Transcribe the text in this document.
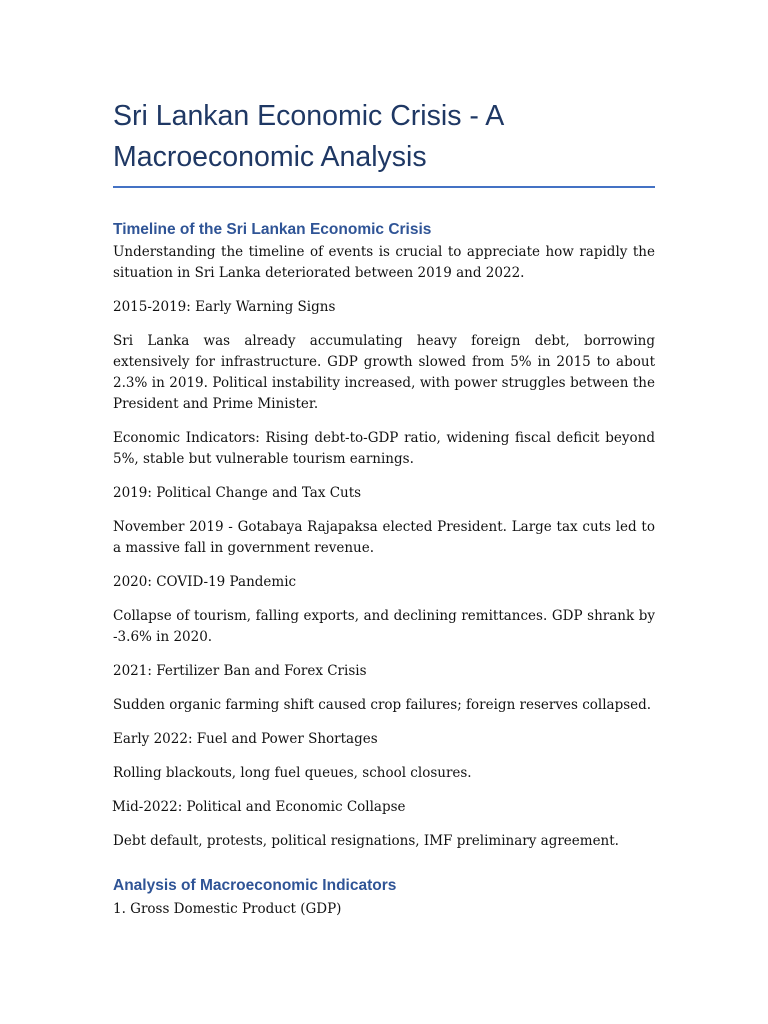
Sri Lankan Economic Crisis - A Macroeconomic Analysis
Timeline of the Sri Lankan Economic Crisis

Understanding the timeline of events is crucial to appreciate how rapidly the situation in Sri Lanka deteriorated between 2019 and 2022.

2015-2019: Early Warning Signs

Sri Lanka was already accumulating heavy foreign debt, borrowing extensively for infrastructure. GDP growth slowed from 5% in 2015 to about 2.3% in 2019. Political instability increased, with power struggles between the President and Prime Minister.

Economic Indicators: Rising debt-to-GDP ratio, widening fiscal deficit beyond 5%, stable but vulnerable tourism earnings.

2019: Political Change and Tax Cuts

November 2019 - Gotabaya Rajapaksa elected President. Large tax cuts led to a massive fall in government revenue.

2020: COVID-19 Pandemic

Collapse of tourism, falling exports, and declining remittances. GDP shrank by -3.6% in 2020.

2021: Fertilizer Ban and Forex Crisis

Sudden organic farming shift caused crop failures; foreign reserves collapsed.

Early 2022: Fuel and Power Shortages

Rolling blackouts, long fuel queues, school closures.

Mid-2022: Political and Economic Collapse

Debt default, protests, political resignations, IMF preliminary agreement.

Analysis of Macroeconomic Indicators

1. Gross Domestic Product (GDP)
